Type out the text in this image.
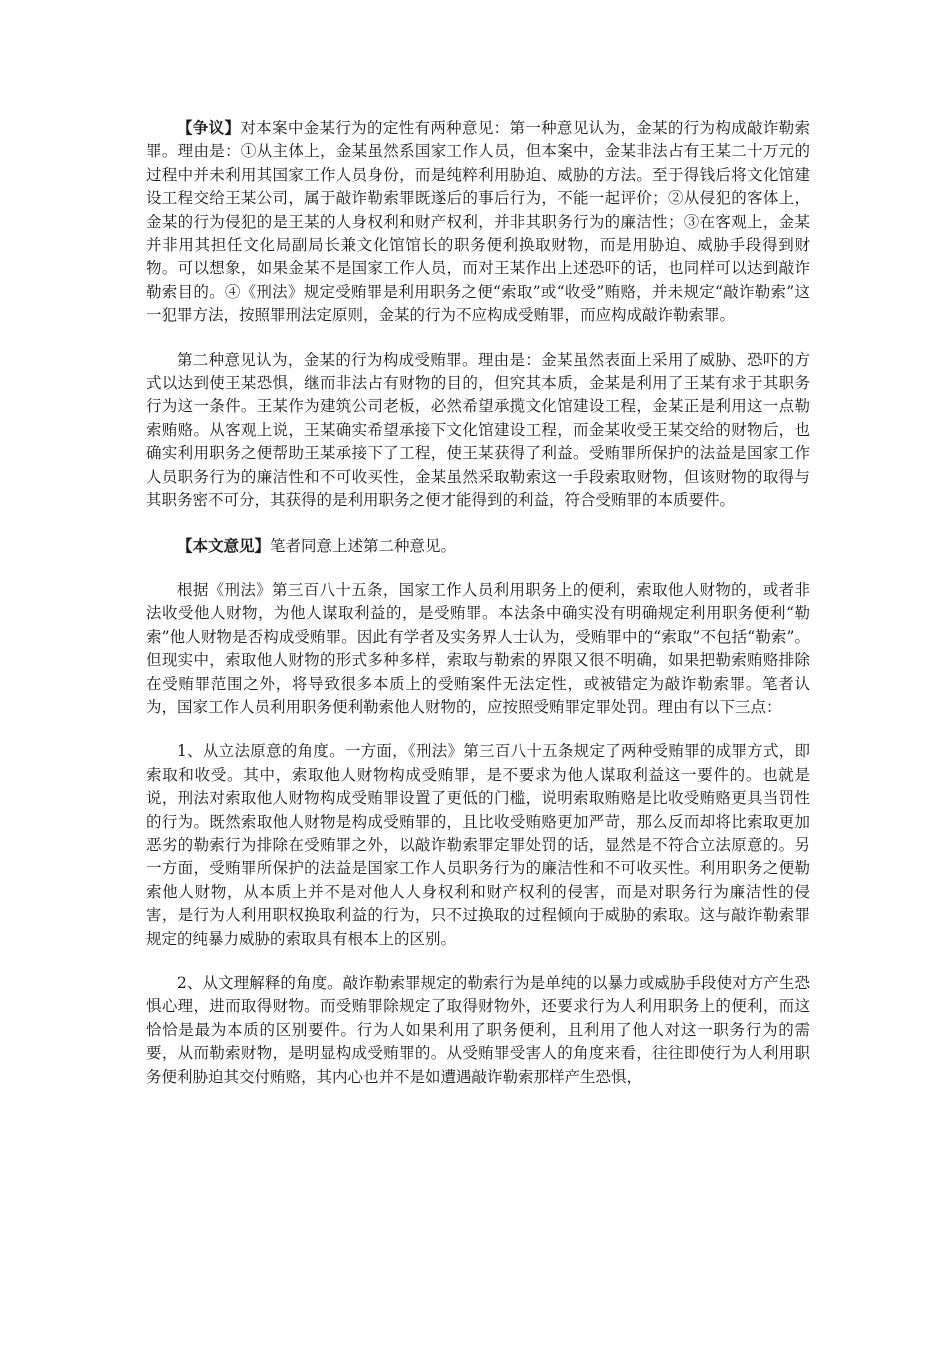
【争议】对本案中金某行为的定性有两种意见：第一种意见认为，金某的行为构成敲诈勒索罪。理由是：①从主体上，金某虽然系国家工作人员，但本案中，金某非法占有王某二十万元的过程中并未利用其国家工作人员身份，而是纯粹利用胁迫、威胁的方法。至于得钱后将文化馆建设工程交给王某公司，属于敲诈勒索罪既遂后的事后行为，不能一起评价；②从侵犯的客体上，金某的行为侵犯的是王某的人身权利和财产权利，并非其职务行为的廉洁性；③在客观上，金某并非用其担任文化局副局长兼文化馆馆长的职务便利换取财物，而是用胁迫、威胁手段得到财物。可以想象，如果金某不是国家工作人员，而对王某作出上述恐吓的话，也同样可以达到敲诈勒索目的。④《刑法》规定受贿罪是利用职务之便“索取”或“收受”贿赂，并未规定“敲诈勒索”这一犯罪方法，按照罪刑法定原则，金某的行为不应构成受贿罪，而应构成敲诈勒索罪。

第二种意见认为，金某的行为构成受贿罪。理由是：金某虽然表面上采用了威胁、恐吓的方式以达到使王某恐惧，继而非法占有财物的目的，但究其本质，金某是利用了王某有求于其职务行为这一条件。王某作为建筑公司老板，必然希望承揽文化馆建设工程，金某正是利用这一点勒索贿赂。从客观上说，王某确实希望承接下文化馆建设工程，而金某收受王某交给的财物后，也确实利用职务之便帮助王某承接下了工程，使王某获得了利益。受贿罪所保护的法益是国家工作人员职务行为的廉洁性和不可收买性，金某虽然采取勒索这一手段索取财物，但该财物的取得与其职务密不可分，其获得的是利用职务之便才能得到的利益，符合受贿罪的本质要件。

【本文意见】笔者同意上述第二种意见。

根据《刑法》第三百八十五条，国家工作人员利用职务上的便利，索取他人财物的，或者非法收受他人财物，为他人谋取利益的，是受贿罪。本法条中确实没有明确规定利用职务便利“勒索”他人财物是否构成受贿罪。因此有学者及实务界人士认为，受贿罪中的“索取”不包括“勒索”。但现实中，索取他人财物的形式多种多样，索取与勒索的界限又很不明确，如果把勒索贿赂排除在受贿罪范围之外，将导致很多本质上的受贿案件无法定性，或被错定为敲诈勒索罪。笔者认为，国家工作人员利用职务便利勒索他人财物的，应按照受贿罪定罪处罚。理由有以下三点：

1、从立法原意的角度。一方面，《刑法》第三百八十五条规定了两种受贿罪的成罪方式，即索取和收受。其中，索取他人财物构成受贿罪，是不要求为他人谋取利益这一要件的。也就是说，刑法对索取他人财物构成受贿罪设置了更低的门槛，说明索取贿赂是比收受贿赂更具当罚性的行为。既然索取他人财物是构成受贿罪的，且比收受贿赂更加严苛，那么反而却将比索取更加恶劣的勒索行为排除在受贿罪之外，以敲诈勒索罪定罪处罚的话，显然是不符合立法原意的。另一方面，受贿罪所保护的法益是国家工作人员职务行为的廉洁性和不可收买性。利用职务之便勒索他人财物，从本质上并不是对他人人身权利和财产权利的侵害，而是对职务行为廉洁性的侵害，是行为人利用职权换取利益的行为，只不过换取的过程倾向于威胁的索取。这与敲诈勒索罪规定的纯暴力威胁的索取具有根本上的区别。

2、从文理解释的角度。敲诈勒索罪规定的勒索行为是单纯的以暴力或威胁手段使对方产生恐惧心理，进而取得财物。而受贿罪除规定了取得财物外，还要求行为人利用职务上的便利，而这恰恰是最为本质的区别要件。行为人如果利用了职务便利，且利用了他人对这一职务行为的需要，从而勒索财物，是明显构成受贿罪的。从受贿罪受害人的角度来看，往往即使行为人利用职务便利胁迫其交付贿赂，其内心也并不是如遭遇敲诈勒索那样产生恐惧，
